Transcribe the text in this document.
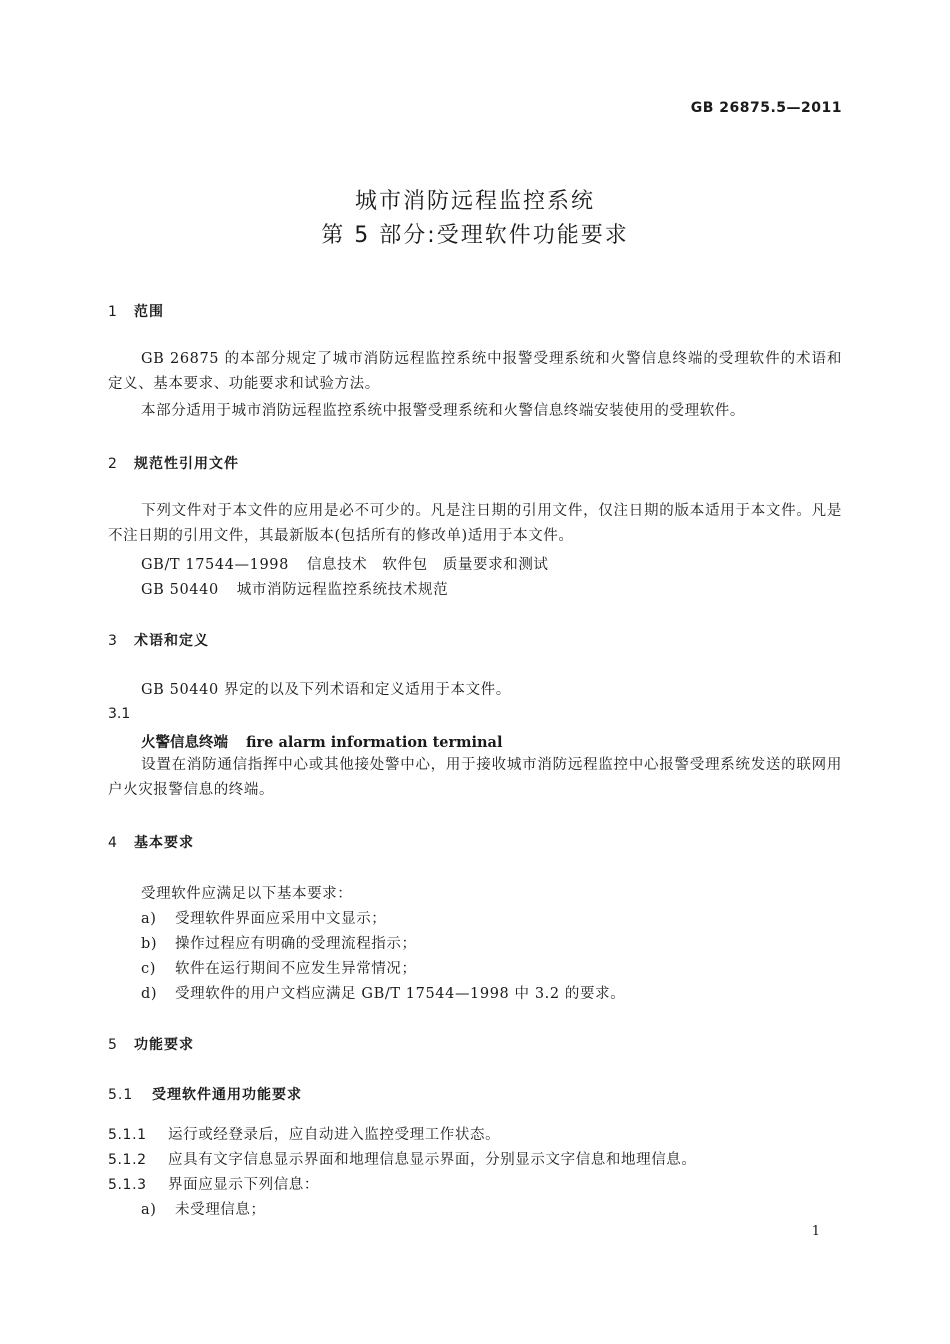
GB 26875.5—2011
城市消防远程监控系统
第 5 部分:受理软件功能要求
1 范围
GB 26875 的本部分规定了城市消防远程监控系统中报警受理系统和火警信息终端的受理软件的术语和定义、基本要求、功能要求和试验方法。
本部分适用于城市消防远程监控系统中报警受理系统和火警信息终端安装使用的受理软件。
2 规范性引用文件
下列文件对于本文件的应用是必不可少的。凡是注日期的引用文件，仅注日期的版本适用于本文件。凡是不注日期的引用文件，其最新版本(包括所有的修改单)适用于本文件。
GB/T 17544—1998 信息技术　软件包　质量要求和测试
GB 50440 城市消防远程监控系统技术规范
3 术语和定义
GB 50440 界定的以及下列术语和定义适用于本文件。
3.1
火警信息终端 fire alarm information terminal
设置在消防通信指挥中心或其他接处警中心，用于接收城市消防远程监控中心报警受理系统发送的联网用户火灾报警信息的终端。
4 基本要求
受理软件应满足以下基本要求：
a) 受理软件界面应采用中文显示；
b) 操作过程应有明确的受理流程指示；
c) 软件在运行期间不应发生异常情况；
d) 受理软件的用户文档应满足 GB/T 17544—1998 中 3.2 的要求。
5 功能要求
5.1 受理软件通用功能要求
5.1.1 运行或经登录后，应自动进入监控受理工作状态。
5.1.2 应具有文字信息显示界面和地理信息显示界面，分别显示文字信息和地理信息。
5.1.3 界面应显示下列信息：
a) 未受理信息；
1
